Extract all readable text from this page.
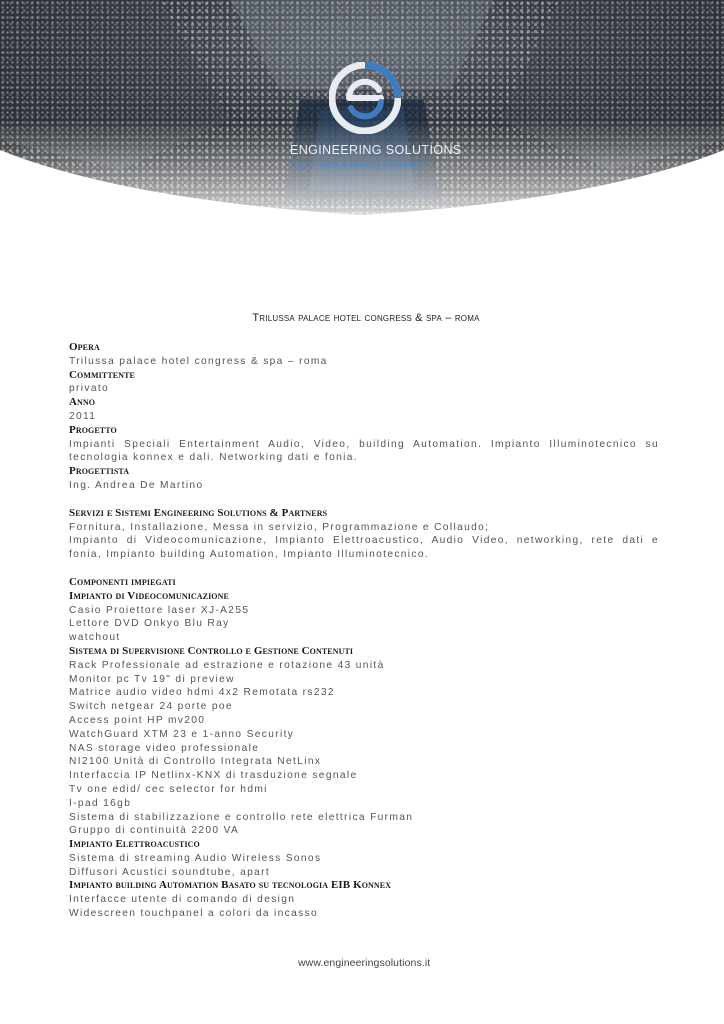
ENGINEERING SOLUTIONS
Home, Yacht & Building Automation
Trilussa palace hotel congress & spa – roma
Opera
Trilussa palace hotel congress & spa – roma
Committente
privato
Anno
2011
Progetto
Impianti Speciali Entertainment Audio, Video, building Automation. Impianto Illuminotecnico su tecnologia konnex e dali. Networking dati e fonia.
Progettista
Ing. Andrea De Martino
Servizi e Sistemi Engineering Solutions & Partners
Fornitura, Installazione, Messa in servizio, Programmazione e Collaudo;
Impianto di Videocomunicazione, Impianto Elettroacustico, Audio Video, networking, rete dati e fonia, Impianto building Automation, Impianto Illuminotecnico.
Componenti impiegati
Impianto di Videocomunicazione
Casio Proiettore laser XJ-A255
Lettore DVD Onkyo Blu Ray
watchout
Sistema di Supervisione Controllo e Gestione Contenuti
Rack Professionale ad estrazione e rotazione 43 unità
Monitor pc Tv 19" di preview
Matrice audio video hdmi 4x2 Remotata rs232
Switch netgear 24 porte poe
Access point HP mv200
WatchGuard XTM 23 e 1-anno Security
NAS storage video professionale
NI2100 Unità di Controllo Integrata NetLinx
Interfaccia IP Netlinx-KNX di trasduzione segnale
Tv one edid/ cec selector for hdmi
I-pad 16gb
Sistema di stabilizzazione e controllo rete elettrica Furman
Gruppo di continuità 2200 VA
Impianto Elettroacustico
Sistema di streaming Audio Wireless Sonos
Diffusori Acustici soundtube, apart
Impianto building Automation Basato su tecnologia EIB Konnex
Interfacce utente di comando di design
Widescreen touchpanel a colori da incasso
www.engineeringsolutions.it
